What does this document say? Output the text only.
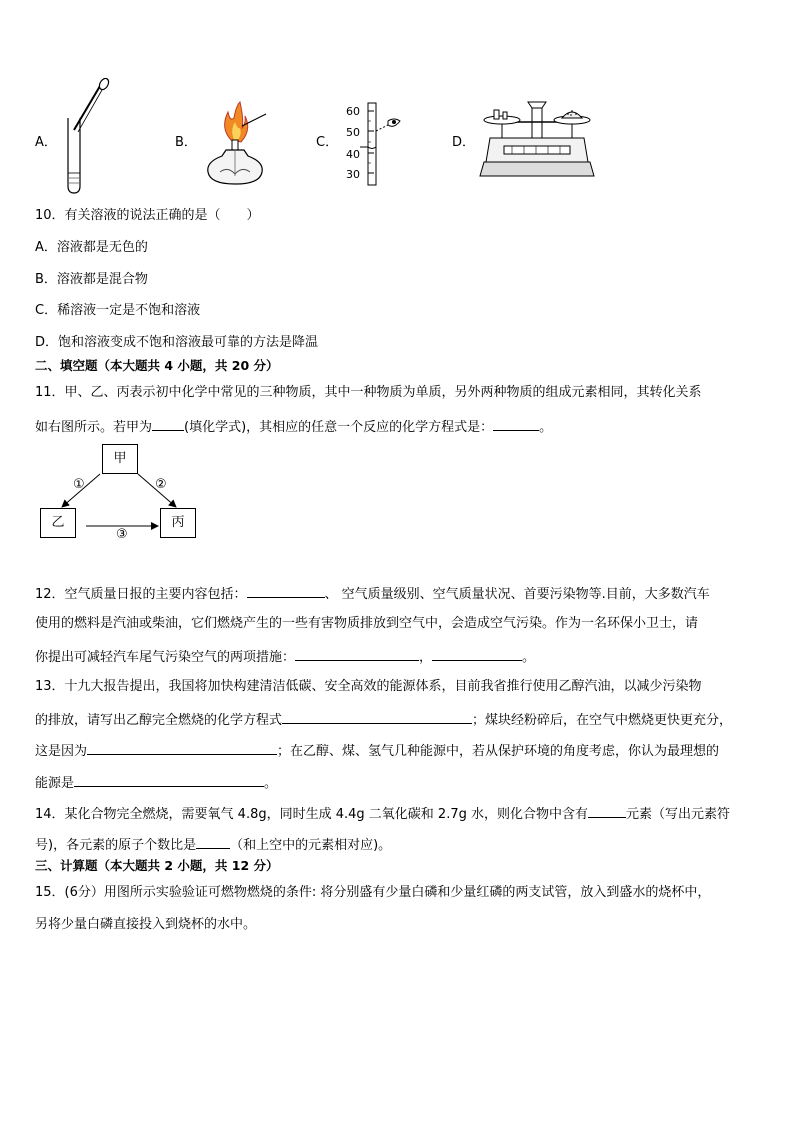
A．	B．	C．
60
50
40
30
D．
10．有关溶液的说法正确的是（　　）
A．溶液都是无色的
B．溶液都是混合物
C．稀溶液一定是不饱和溶液
D．饱和溶液变成不饱和溶液最可靠的方法是降温
二、填空题（本大题共 4 小题，共 20 分）
11．甲、乙、丙表示初中化学中常见的三种物质，其中一种物质为单质，另外两种物质的组成元素相同，其转化关系
如右图所示。若甲为 (填化学式)，其相应的任意一个反应的化学方程式是：	。
甲
乙	丙
①	②
③
12．空气质量日报的主要内容包括：	、 空气质量级别、空气质量状况、首要污染物等.目前，大多数汽车
使用的燃料是汽油或柴油，它们燃烧产生的一些有害物质排放到空气中，会造成空气污染。作为一名环保小卫士，请
你提出可减轻汽车尾气污染空气的两项措施：	，	。
13．十九大报告提出，我国将加快构建清洁低碳、安全高效的能源体系，目前我省推行使用乙醇汽油，以减少污染物
的排放，请写出乙醇完全燃烧的化学方程式	；煤块经粉碎后，在空气中燃烧更快更充分，
这是因为	；在乙醇、煤、氢气几种能源中，若从保护环境的角度考虑，你认为最理想的
能源是	。
14．某化合物完全燃烧，需要氧气 4.8g，同时生成 4.4g 二氧化碳和 2.7g 水，则化合物中含有	元素（写出元素符
号)，各元素的原子个数比是	（和上空中的元素相对应)。
三、计算题（本大题共 2 小题，共 12 分）
15．(6分）用图所示实验验证可燃物燃烧的条件: 将分别盛有少量白磷和少量红磷的两支试管，放入到盛水的烧杯中，
另将少量白磷直接投入到烧杯的水中。
